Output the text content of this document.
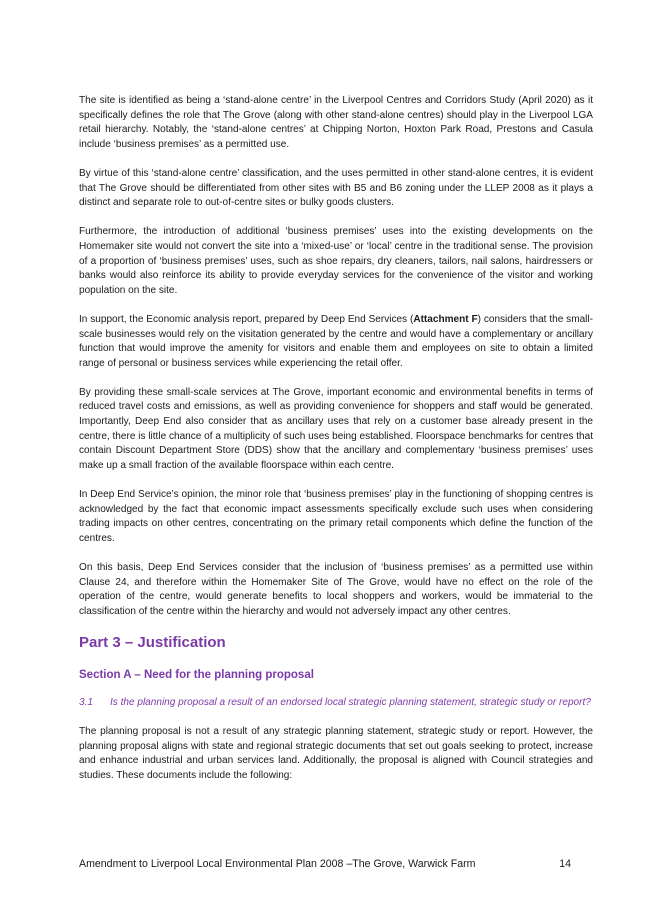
The site is identified as being a ‘stand-alone centre’ in the Liverpool Centres and Corridors Study (April 2020) as it specifically defines the role that The Grove (along with other stand-alone centres) should play in the Liverpool LGA retail hierarchy. Notably, the ‘stand-alone centres’ at Chipping Norton, Hoxton Park Road, Prestons and Casula include ‘business premises’ as a permitted use.

By virtue of this ‘stand-alone centre’ classification, and the uses permitted in other stand-alone centres, it is evident that The Grove should be differentiated from other sites with B5 and B6 zoning under the LLEP 2008 as it plays a distinct and separate role to out-of-centre sites or bulky goods clusters.

Furthermore, the introduction of additional ‘business premises’ uses into the existing developments on the Homemaker site would not convert the site into a ‘mixed-use’ or ‘local’ centre in the traditional sense. The provision of a proportion of ‘business premises’ uses, such as shoe repairs, dry cleaners, tailors, nail salons, hairdressers or banks would also reinforce its ability to provide everyday services for the convenience of the visitor and working population on the site.

In support, the Economic analysis report, prepared by Deep End Services (Attachment F) considers that the small-scale businesses would rely on the visitation generated by the centre and would have a complementary or ancillary function that would improve the amenity for visitors and enable them and employees on site to obtain a limited range of personal or business services while experiencing the retail offer.

By providing these small-scale services at The Grove, important economic and environmental benefits in terms of reduced travel costs and emissions, as well as providing convenience for shoppers and staff would be generated. Importantly, Deep End also consider that as ancillary uses that rely on a customer base already present in the centre, there is little chance of a multiplicity of such uses being established. Floorspace benchmarks for centres that contain Discount Department Store (DDS) show that the ancillary and complementary ‘business premises’ uses make up a small fraction of the available floorspace within each centre.

In Deep End Service’s opinion, the minor role that ‘business premises’ play in the functioning of shopping centres is acknowledged by the fact that economic impact assessments specifically exclude such uses when considering trading impacts on other centres, concentrating on the primary retail components which define the function of the centres.

On this basis, Deep End Services consider that the inclusion of ‘business premises’ as a permitted use within Clause 24, and therefore within the Homemaker Site of The Grove, would have no effect on the role of the operation of the centre, would generate benefits to local shoppers and workers, would be immaterial to the classification of the centre within the hierarchy and would not adversely impact any other centres.

Part 3 – Justification
Section A – Need for the planning proposal
3.1	Is the planning proposal a result of an endorsed local strategic planning statement, strategic study or report?

The planning proposal is not a result of any strategic planning statement, strategic study or report. However, the planning proposal aligns with state and regional strategic documents that set out goals seeking to protect, increase and enhance industrial and urban services land. Additionally, the proposal is aligned with Council strategies and studies. These documents include the following:

Amendment to Liverpool Local Environmental Plan 2008 –The Grove, Warwick Farm	14
